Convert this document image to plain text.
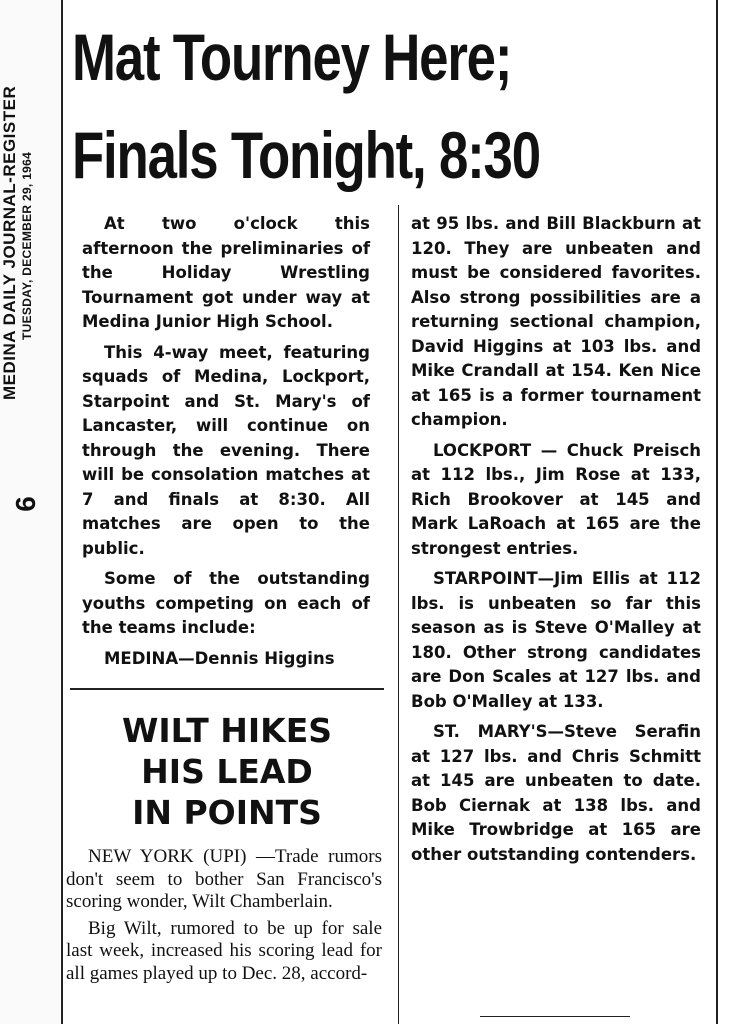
MEDINA DAILY JOURNAL-REGISTER TUESDAY, DECEMBER 29, 1964
6
Mat Tourney Here;
Finals Tonight, 8:30

At two o'clock this afternoon the preliminaries of the Holiday Wrestling Tournament got under way at Medina Junior High School.

This 4-way meet, featuring squads of Medina, Lockport, Starpoint and St. Mary's of Lancaster, will continue on through the evening. There will be consolation matches at 7 and finals at 8:30. All matches are open to the public.

Some of the outstanding youths competing on each of the teams include:

MEDINA—Dennis Higgins

WILT HIKES
HIS LEAD
IN POINTS

NEW YORK (UPI) —Trade rumors don't seem to bother San Francisco's scoring wonder, Wilt Chamberlain.

Big Wilt, rumored to be up for sale last week, increased his scoring lead for all games played up to Dec. 28, accord-

at 95 lbs. and Bill Blackburn at 120. They are unbeaten and must be considered favorites. Also strong possibilities are a returning sectional champion, David Higgins at 103 lbs. and Mike Crandall at 154. Ken Nice at 165 is a former tournament champion.

LOCKPORT — Chuck Preisch at 112 lbs., Jim Rose at 133, Rich Brookover at 145 and Mark LaRoach at 165 are the strongest entries.

STARPOINT—Jim Ellis at 112 lbs. is unbeaten so far this season as is Steve O'Malley at 180. Other strong candidates are Don Scales at 127 lbs. and Bob O'Malley at 133.

ST. MARY'S—Steve Serafin at 127 lbs. and Chris Schmitt at 145 are unbeaten to date. Bob Ciernak at 138 lbs. and Mike Trowbridge at 165 are other outstanding contenders.
